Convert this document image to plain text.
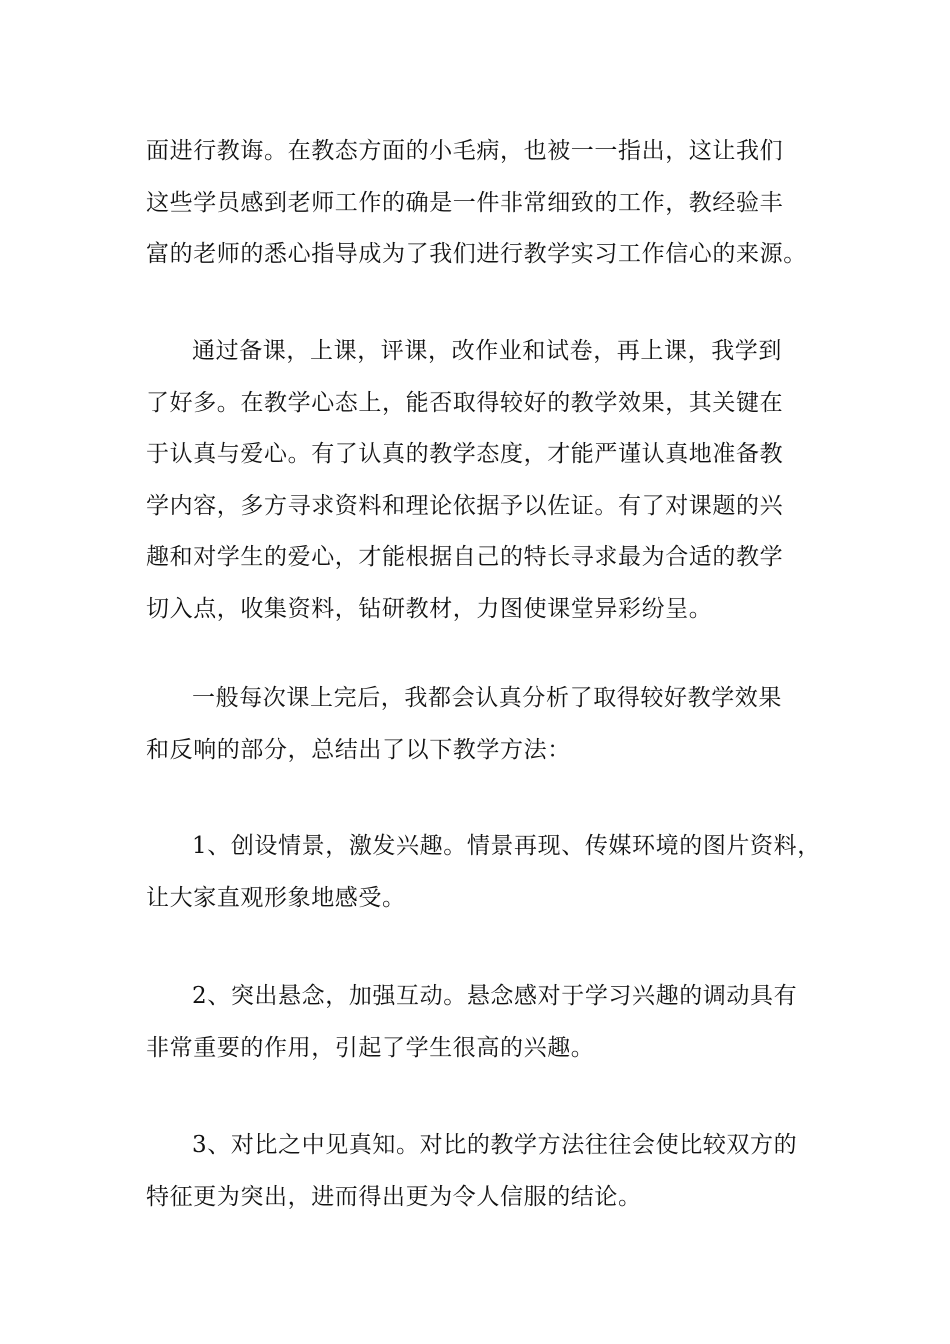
面进行教诲。在教态方面的小毛病，也被一一指出，这让我们
这些学员感到老师工作的确是一件非常细致的工作，教经验丰
富的老师的悉心指导成为了我们进行教学实习工作信心的来源。
通过备课，上课，评课，改作业和试卷，再上课，我学到
了好多。在教学心态上，能否取得较好的教学效果，其关键在
于认真与爱心。有了认真的教学态度，才能严谨认真地准备教
学内容，多方寻求资料和理论依据予以佐证。有了对课题的兴
趣和对学生的爱心，才能根据自己的特长寻求最为合适的教学
切入点，收集资料，钻研教材，力图使课堂异彩纷呈。
一般每次课上完后，我都会认真分析了取得较好教学效果
和反响的部分，总结出了以下教学方法：
1、创设情景，激发兴趣。情景再现、传媒环境的图片资料，
让大家直观形象地感受。
2、突出悬念，加强互动。悬念感对于学习兴趣的调动具有
非常重要的作用，引起了学生很高的兴趣。
3、对比之中见真知。对比的教学方法往往会使比较双方的
特征更为突出，进而得出更为令人信服的结论。
